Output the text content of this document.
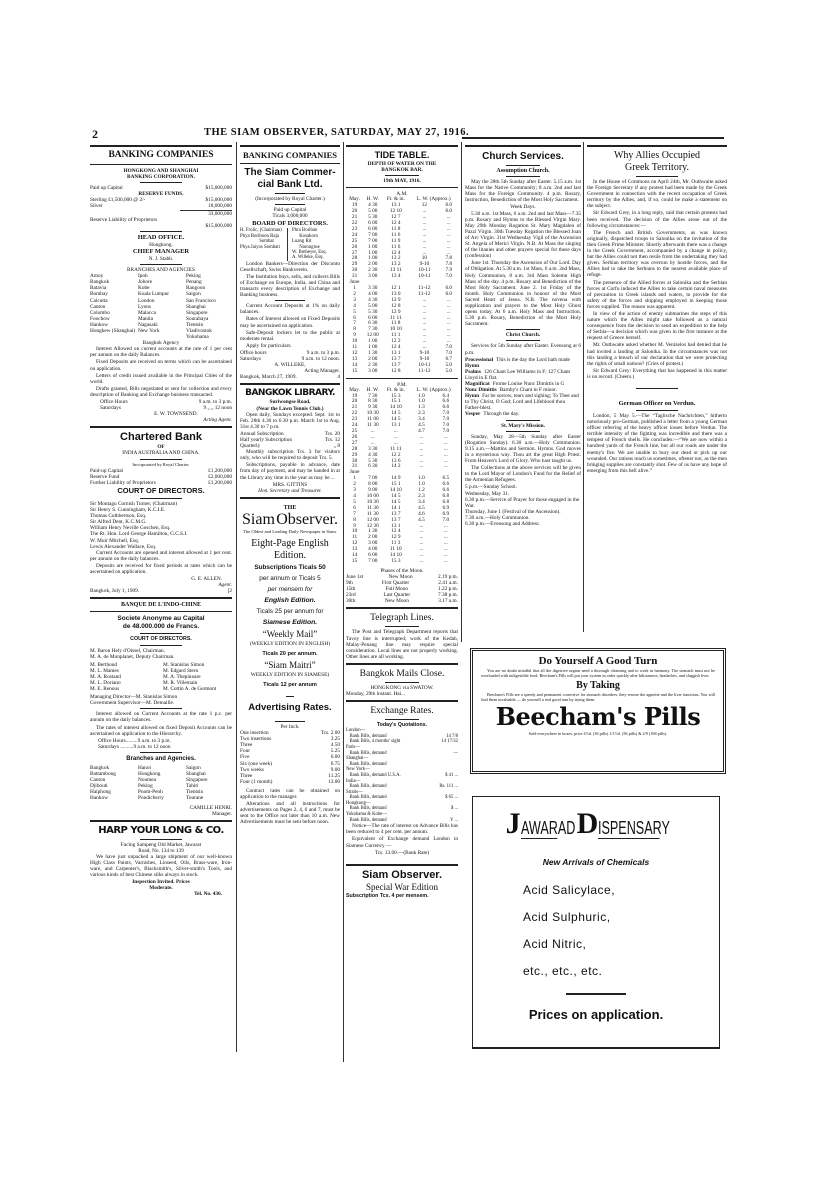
2	THE SIAM OBSERVER, SATURDAY, MAY 27, 1916.
BANKING COMPANIES
HONGKONG AND SHANGHAI
BANKING CORPORATION.
Paid up Capital	$15,000,000
RESERVE FUNDS.
Sterling £1,500,000 @ 2/-	$15,000,000
Silver	18,000,000
33,000,000
Reserve Liability of Proprietors
$15,000,000
HEAD OFFICE.
Hongkong.
CHIEF MANAGER
N. J. Stabb.
BRANCHES AND AGENCIES
Amoy	Ipoh	Peking
Bangkok	Johore	Penang
Batavia	Kobe	Rangoon
Bombay	Kuala Lumpur	Saigon
Calcutta	London	San Francisco
Canton	Lyons	Shanghai
Colombo	Malacca	Singapore
Foochow	Manila	Sourabaya
Hankow	Nagasaki	Tientsin
Hongkew (Shanghai) New York	Vladivostok
Yokohama
Bangkok Agency

Interest Allowed on current accounts at the rate of 1 per cent per annum on the daily Balances.

Fixed Deposits are received on terms which can be ascertained on application.

Letters of credit issued available in the Principal Cities of the world.

Drafts granted, Bills negotiated or sent for collection and every description of Banking and Exchange business transacted.

Office Hours	9 a.m. to 3 p.m.
Saturdays	9 „ „ 12 noon
E. W. TOWNSEND.
Acting Agent.
Chartered Bank
OF
INDIA AUSTRALIA AND CHINA.
Incorporated by Royal Charter.
Paid-up Capital	£1,200,000
Reserve Fund	£2,000,000
Further Liability of Proprietors	£1,200,000
COURT OF DIRECTORS.
Sir Montagu Cornish Turner, (Chairman)
Sir Henry S. Cunningham, K.C.I.E.
Thomas Cuthbertson, Esq.
Sir Alfred Dent, K.C.M.G.
William Henry Neville Goschen, Esq.
The Rt. Hon. Lord George Hamilton, G.C.S.I.
W. Muir Mitchell, Esq.
Lewis Alexander Wallace, Esq.

Current Accounts are opened and interest allowed at 1 per cent. per annum on the daily balances.

Deposits are received for fixed periods at rates which can be ascertained on application.

G. E. ALLEN.
Agent.
Bangkok, July 1, 1909.	[2
BANQUE DE L'INDO-CHINE
Societe Anonyme au Capital
de 48.000.000 de Francs.
COURT OF DIRECTORS.
M. Baron Hely d'Oissel, Chairman.
M. A. de Monplanet, Deputy Chairman.
M. Berthoud	M. Stanislas Simon
M. L. Mames	M. Edgard Stern
M. A. Rostand	M. A. Thepinnare
M. L. Doriano	M. R. Villemain
M. E. Renous	M. Cottin A. de Germont
Managing Director—M. Stanislas Simon
Government Supervisor—M. Demaille.

Interest allowed on Current Accounts at the rate 1 p.c. per annum on the daily balances.

The rates of interest allowed on fixed Deposit Accounts can be ascertained on application to the Hierarchy.

Office Hours.........9 a.m. to 3 p.m.
Saturdays ..........9 a.m. to 12 noon
Branches and Agencies.
Bangkok	Hanoi	Saigon
Battambong	Hongkong	Shanghai
Canton	Noumea	Singapore
Djibouti	Peking	Tahiti
Haiphong	Pnom-Penh	Tientsin
Hankow	Pondicherry	Tourane
CAMILLE HENRI.
Manager.
HARP YOUR LONG & CO.
Facing Sampeng Old Market, Jawarat
Road, No. 134 to 139

We have just unpacked a large shipment of our well-known High Class Paints, Varnishes, Linseed, Oils, Brass-ware, Iron-ware, and Carpenter's, Blacksmith's, Silver-smith's Tools, and various kinds of best Chinese silks always in stock.

Inspection Invited. Prices
Moderate.
Tel. No. 436.
BANKING COMPANIES
The Siam Commer-
cial Bank Ltd.
(Incorporated by Royal Charter.)
Paid up Capital
Ticals 3,000,000
BOARD OF DIRECTORS.
H. Frolic, (Chairman)
Phya Boriboon Raja
Sombat
Phya Jaiyos Sombati
Phra Boriban
Kosakorn
Luang Rit
Narongrue
W. Breheyer, Esq.
A. Willeke, Esq.

London Bankers—Direction der Disconto Gesellschaft, Swiss Bankverein.

The Institution buys, sells, and collects Bills of Exchange on Europe, India, and China and transacts every description of Exchange and Banking business.

Current Account Deposits at 1% on daily balances.

Rates of Interest allowed on Fixed Deposits may be ascertained on application.

Safe-Deposit lockers let to the public at moderate rental.

Apply for particulars.

Office hours	9 a.m. to 3 p.m.
Saturdays	9 a.m. to 12 noon.
A. WILLEKE,
Acting Manager.
Bangkok, March 27, 1909.	4
BANGKOK LIBRARY.
Suriwongse Road,
(Near the Lawn Tennis Club.)

Open daily, Sundays excepted. Sept. 1st to Feb. 28th 4.30 to 6.30 p.m. March 1st to Aug. 31st 4.30 to 7 p.m.

Annual Subscription	Tcs. 20
Half yearly Subscription	Tcs. 12
Quarterly	„ 8

Monthly subscription Tcs. 3 for visitors only, who will be required to deposit Tcs. 5.

Subscriptions, payable in advance, date from day of payment, and may be handed in at the Library any time in the year as may be ...

MRS. GITTINS
Hon. Secretary and Treasurer.
THE
Siam Observer.
The Oldest and Leading Daily Newspaper in Siam.
Eight-Page English
Edition.
Subscriptions Ticals 50
per annum or Ticals 5
per mensem for
English Edition.
Ticals 25 per annum for
Siamese Edition.
“Weekly Mail”
(WEEKLY EDITION IN ENGLISH)
Ticals 20 per annum.
“Siam Maitri”
WEEKLY EDITION IN SIAMESE)
Ticals 12 per annum
Advertising Rates.
Per Inch.
One insertion	Tcs. 2.00
Two insertions	3.25
Three	4.50
Four	5.25
Five	6.00
Six (one week)	6.75
Two weeks	9.00
Three	11.25
Four (1 month)	13.00

Contract rates can be obtained on application to the manager.

Alterations and all instructions for advertisements on Pages 2, 4, 6 and 7, must be sent to the Office not later than 10 a.m. New Advertisements must be sent before noon.

TIDE TABLE.
DEPTH OF WATER ON THE
BANGKOK BAR.
19th MAY, 1916.
A.M.
May.	H. W.	Ft. & in.	L. W. (Approx.)	
19	4 30	13 1	12	6.0
20	5 00	12 10	...	6.0
21	5 30	12 7	...	...
22	6 00	12 4	...	...
23	6 00	11 8	...	...
24	7 00	11 6	...	...
25	7 00	11 9	...	...
26	1 00	11 6	...	...
27	1 00	12 4	...	...
28	1 00	13 2	10	7.8
29	2 00	13 2	9-10	7.8
30	2 30	13 11	10-11	7.9
31	3 00	13 4	10-11	7.0
June				
1	3 30	12 1	11-12	6.0
2	4 00	13 0	11-12	6.0
3	4 30	12 9	...	...
4	5 00	12 8	...	...
5	5 30	12 9	...	...
6	6 00	11 11	...	...
7	6 30	11 8	...	...
8	7 30	10 10	...	...
9	12 00	11 1	...	...
10	1 00	12 2	...	...
11	1 00	12 4	...	7.0
12	1 30	13 1	9-10	7.0
13	2 00	13 7	9-10	6.7
14	2 30	13 7	10-11	5.0
15	3 00	12 8	11-12	5.0
P.M.
May.	H. W.	Ft. & in.	L. W. (Approx.)	
19	7 30	15 3	1.0	6.4
20	8 30	15 1	1.0	6.6
21	9 30	14 10	1.3	6.6
22	10 30	14 5	2.3	7.0
23	11 00	14 5	3.4	7.0
24	11 30	13 1	4.5	7.0
25	...	...	4.7	7.0
26	...	...	...	...
27	...	...	...	...
28	3 30	11 11	...	...
29	4 30	12 2	...	...
30	5 30	13 6	...	...
31	6 30	14 2	...	...
June				
1	7 00	14 9	1.0	6.5
2	8 00	15 1	1.0	6.6
3	9 00	14 10	1.2	6.6
4	10 00	14 5	2.3	6.8
5	10 30	14 5	3.4	6.8
6	11 30	14 1	4.5	6.9
7	11 30	13 7	4.6	6.9
8	12 00	13 7	4.5	7.0
9	12 30	13 1	...	...
10	1 30	12 4	...	...
11	2 00	12 9	...	...
12	3 00	11 3	...	...
13	4 00	11 10	...	...
14	6 00	14 10	...	...
15	7 00	15 3	...	...
Phases of the Moon.
June 1st	New Moon	2.19 p.m.
9th	First Quarter	2.41 a.m.
15th	Full Moon	1.22 p.m.
23rd	Last Quarter	7.38 p.m.
30th	New Moon	3.17 a.m.
Telegraph Lines.

The Post and Telegraph Department reports that Tavoy line is interrupted; work of the Kedah, Malay-Penang line may require special consideration. Local lines are not properly working. Other lines are all working.

Bangkok Mails Close.
HONGKONG via SWATOW.
Monday, 29th instant. Hai...
Exchange Rates.
Today's Quotations.
London—
Bank Bills, demand	14 7/8
Bank Bills, 4 months' sight	14 17/32
Paris—
Bank Bills, demand	—
Shanghai—
Bank Bills, demand
New York—
Bank Bills, demand U.S.A.	$ 41 ...
India—
Bank Bills, demand	Rs. 111 ...
Straits—
Bank Bills, demand	$ 65 ...
Hongkong—
Bank Bills, demand	$ ...
Yokohama & Kobe—
Bank Bills, demand	Y ...

Notice—The rate of interest on Advance Bills has been reduced to 4 per cent. per annum.

Equivalent of Exchange demand London in Siamese Currency —

Tcs. 13.00.—(Bank Rate)
Siam Observer.
Special War Edition
Subscription Tcs. 4 per mensem.
Church Services.
Assumption Church.

May the 28th 5th Sunday after Easter. 5.15 a.m. 1st Mass for the Native Community; 8 a.m. 2nd and last Mass for the Foreign Community. 4 p.m. Rosary, Instruction, Benediction of the Most Holy Sacrament.

Week Days.

5.30 a.m. 1st Mass, 6 a.m. 2nd and last Mass—7.35 p.m. Rosary and Hymns to the Blessed Virgin Mary. May 29th Monday Rogation St. Mary Magdalen of Pazzi Virgin. 30th Tuesday Rogation the Blessed Joan of Arc Virgin. 31st Wednesday Vigil of the Ascension St. Angela of Merici Virgin. N.B. At Mass the singing of the litanies and other prayers special for these days (confession)

June 1st. Thursday the Ascension of Our Lord. Day of Obligation. At 5.30 a.m. 1st Mass, 6 a.m. 2nd Mass, Holy Communion, 8 a.m. 3rd Mass Solemn High Mass of the day. 4 p.m. Rosary and Benediction of the Most Holy Sacrament. June 2. 1st Friday of the month. Holy Communion in honour of the Most Sacred Heart of Jesus. N.B. The novena with supplication and prayers to the Most Holy Ghost opens today. At 6 a.m. Holy Mass and Instruction. 5.30 p.m. Rosary, Benediction of the Most Holy Sacrament.

Christ Church.

Services for 5th Sunday after Easter. Evensong at 6 p.m.

Processional This is the day the Lord hath made
Hymn
Psalms 126 Chant Lee Williams in F; 127 Chant Lloyd in E flat.
Magnificat Frome Louise Nunc Dimittis in G
Nunc Dimittis Barnby's Chant in F minor.
Hymn Far be sorrow, tears and sighing; To Thee and to Thy Christ, O God; Lord and Lifeblood thou Father-blest.
Vesper Through the day.
St. Mary's Mission.

Sunday, May 28—5th Sunday after Easter (Rogation Sunday). 6.30 a.m.—Holy Communion. 9.15 a.m.—Mattins and Sermon. Hymns. God moves in a mysterious way. Thou art the great High Priest. From Heaven's Lord of Glory. Who hast taught us.

The Collections at the above services will be given to the Lord Mayor of London's Fund for the Relief of the Armenian Refugees.

5 p.m.—Sunday School.
Wednesday, May 31.
6.30 p.m.—Service of Prayer for those engaged in the War.
Thursday, June 1 (Festival of the Ascension).
7.30 a.m.—Holy Communion.
6.30 p.m.—Evensong and Address.
Why Allies Occupied
Greek Territory.

In the House of Commons on April 24th, Mr. Outhwaite asked the Foreign Secretary if any protest had been made by the Greek Government in connection with the recent occupation of Greek territory by the Allies, and, if so, could he make a statement on the subject.

Sir Edward Grey, in a long reply, said that certain protests had been received. The decision of the Allies arose out of the following circumstances:—

The French and British Governments, as was known originally, dispatched troops to Salonika on the invitation of the then Greek Prime Minister. Shortly afterwards there was a change in the Greek Government, accompanied by a change in policy, but the Allies could not then resile from the undertaking they had given. Serbian territory was overrun by hostile forces, and the Allies had to take the Serbians to the nearest available place of refuge.

The presence of the Allied forces at Salonika and the Serbian forces at Corfu induced the Allies to take certain naval measures of precaution in Greek islands and waters, to provide for the safety of the forces and shipping employed in keeping those forces supplied. The reason was apparent.

In view of the action of enemy submarines the steps of this nature which the Allies might take followed as a natural consequence from the decision to send an expedition to the help of Serbia—a decision which was given in the first instance at the request of Greece herself.

Mr. Outhwaite asked whether M. Venizelos had denied that he had invited a landing at Salonika. In the circumstances was not this landing a breach of our declaration that we were protecting the rights of small nations? (Cries of protest.)

Sir Edward Grey: Everything that has happened in this matter is on record. (Cheers.)

German Officer on Verdun.

London, 5 May 5.—The “Taglische Nachrichten,” hitherto notoriously pro-German, published a letter from a young German officer referring of the heavy officer losses before Verdun. The terrible intensity of the fighting was incredible and there was a tempest of French shells. He concludes:—“We are now within a hundred yards of the French line, but all our roads are under the enemy's fire. We are unable to bury our dead or pick up our wounded. Our rations reach us sometimes, oftener not, as the men bringing supplies are constantly shot. Few of us have any hope of emerging from this hell alive.”

Do Yourself A Good Turn

You are no doubt mindful that all the digestive organs need a thorough cleansing and to work in harmony. The stomach must not be overloaded with indigestible food. Beecham's Pills will put your system in order quickly after biliousness, headaches, and sluggish liver.

By Taking

Beecham's Pills are a speedy and permanent corrective for stomach disorders; they restore the appetite and the liver functions. You will find them invaluable — do yourself a real good turn by trying them.

Beecham's Pills
Sold everywhere in boxes, price 4½d. (36 pills) 1/1½d. (56 pills) & 2/9 (168 pills).
J AWARAD D ISPENSARY
New Arrivals of Chemicals
Acid Salicylace,
Acid Sulphuric,
Acid Nitric,
etc., etc., etc.
Prices on application.
